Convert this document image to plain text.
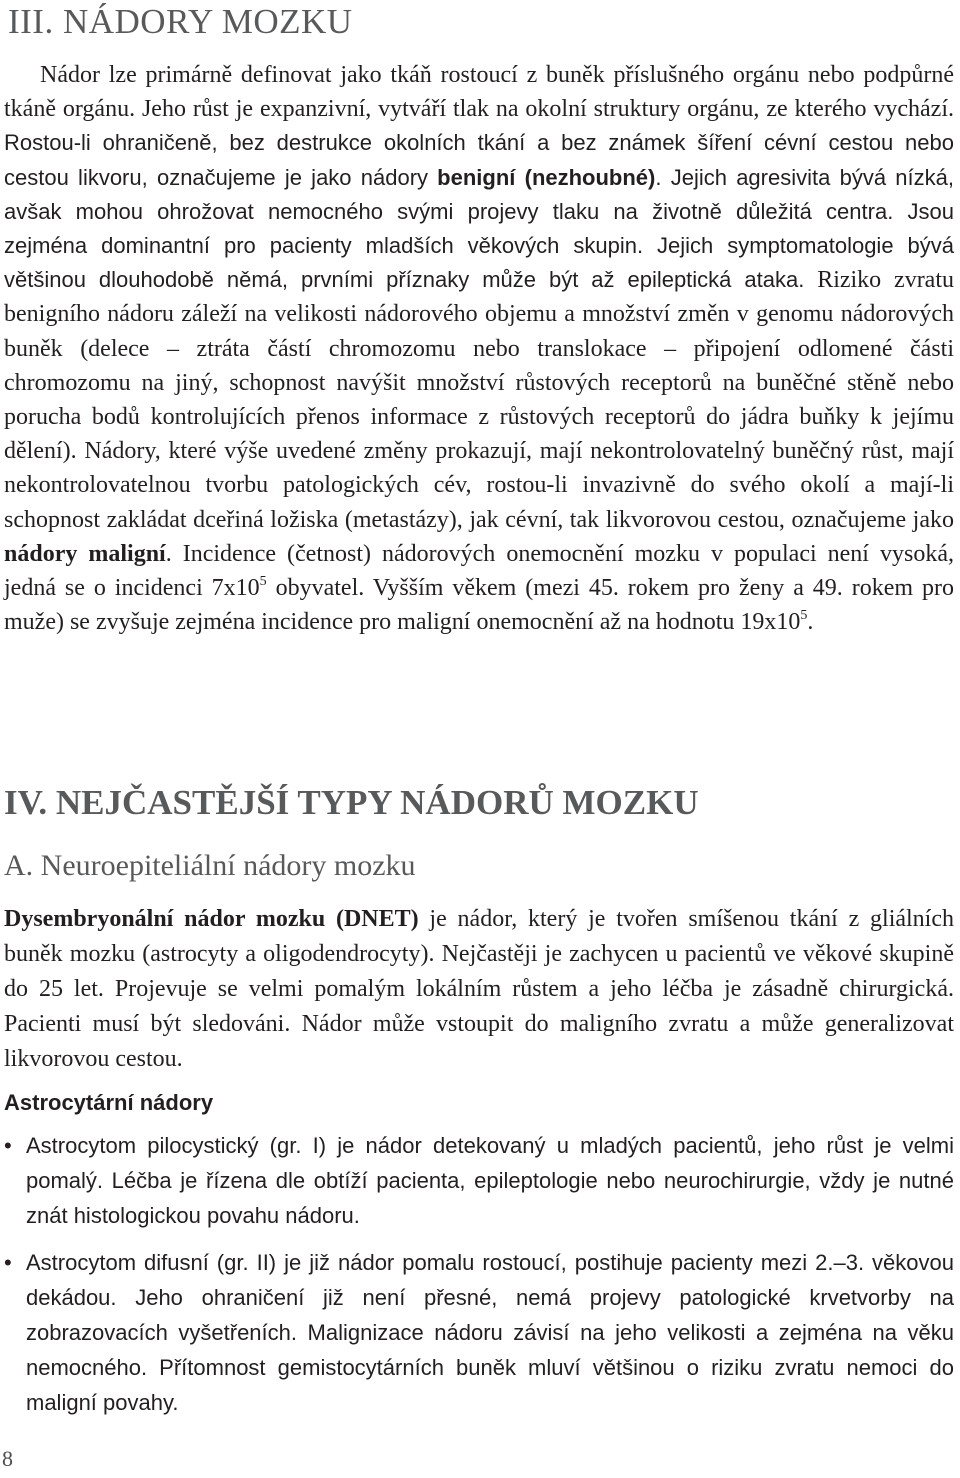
III. NÁDORY MOZKU

Nádor lze primárně definovat jako tkáň rostoucí z buněk příslušného orgánu nebo podpůrné tkáně orgánu. Jeho růst je expanzivní, vytváří tlak na okolní struktury orgánu, ze kterého vychází. Rostou-li ohraničeně, bez destrukce okolních tkání a bez známek šíření cévní cestou nebo cestou likvoru, označujeme je jako nádory benigní (nezhoubné). Jejich agresivita bývá nízká, avšak mohou ohrožovat nemocného svými projevy tlaku na životně důležitá centra. Jsou zejména dominantní pro pacienty mladších věkových skupin. Jejich symptomatologie bývá většinou dlouhodobě němá, prvními příznaky může být až epileptická ataka. Riziko zvratu benigního nádoru záleží na velikosti nádorového objemu a množství změn v genomu nádorových buněk (delece – ztráta částí chromozomu nebo translokace – připojení odlomené části chromozomu na jiný, schopnost navýšit množství růstových receptorů na buněčné stěně nebo porucha bodů kontrolujících přenos informace z růstových receptorů do jádra buňky k jejímu dělení). Nádory, které výše uvedené změny prokazují, mají nekontrolovatelný buněčný růst, mají nekontrolovatelnou tvorbu patologických cév, rostou-li invazivně do svého okolí a mají-li schopnost zakládat dceřiná ložiska (metastázy), jak cévní, tak likvorovou cestou, označujeme jako nádory maligní. Incidence (četnost) nádorových onemocnění mozku v populaci není vysoká, jedná se o incidenci $7x10^5$ obyvatel. Vyšším věkem (mezi 45. rokem pro ženy a 49. rokem pro muže) se zvyšuje zejména incidence pro maligní onemocnění až na hodnotu $19x10^5$.

IV. NEJČASTĚJŠÍ TYPY NÁDORŮ MOZKU
A. Neuroepiteliální nádory mozku

Dysembryonální nádor mozku (DNET) je nádor, který je tvořen smíšenou tkání z gliálních buněk mozku (astrocyty a oligodendrocyty). Nejčastěji je zachycen u pacientů ve věkové skupině do 25 let. Projevuje se velmi pomalým lokálním růstem a jeho léčba je zásadně chirurgická. Pacienti musí být sledováni. Nádor může vstoupit do maligního zvratu a může generalizovat likvorovou cestou.

Astrocytární nádory
• Astrocytom pilocystický (gr. I) je nádor detekovaný u mladých pacientů, jeho růst je velmi pomalý. Léčba je řízena dle obtíží pacienta, epileptologie nebo neurochirurgie, vždy je nutné znát histologickou povahu nádoru.
• Astrocytom difusní (gr. II) je již nádor pomalu rostoucí, postihuje pacienty mezi 2.–3. věkovou dekádou. Jeho ohraničení již není přesné, nemá projevy patologické krvetvorby na zobrazovacích vyšetřeních. Malignizace nádoru závisí na jeho velikosti a zejména na věku nemocného. Přítomnost gemistocytárních buněk mluví většinou o riziku zvratu nemoci do maligní povahy.
8
